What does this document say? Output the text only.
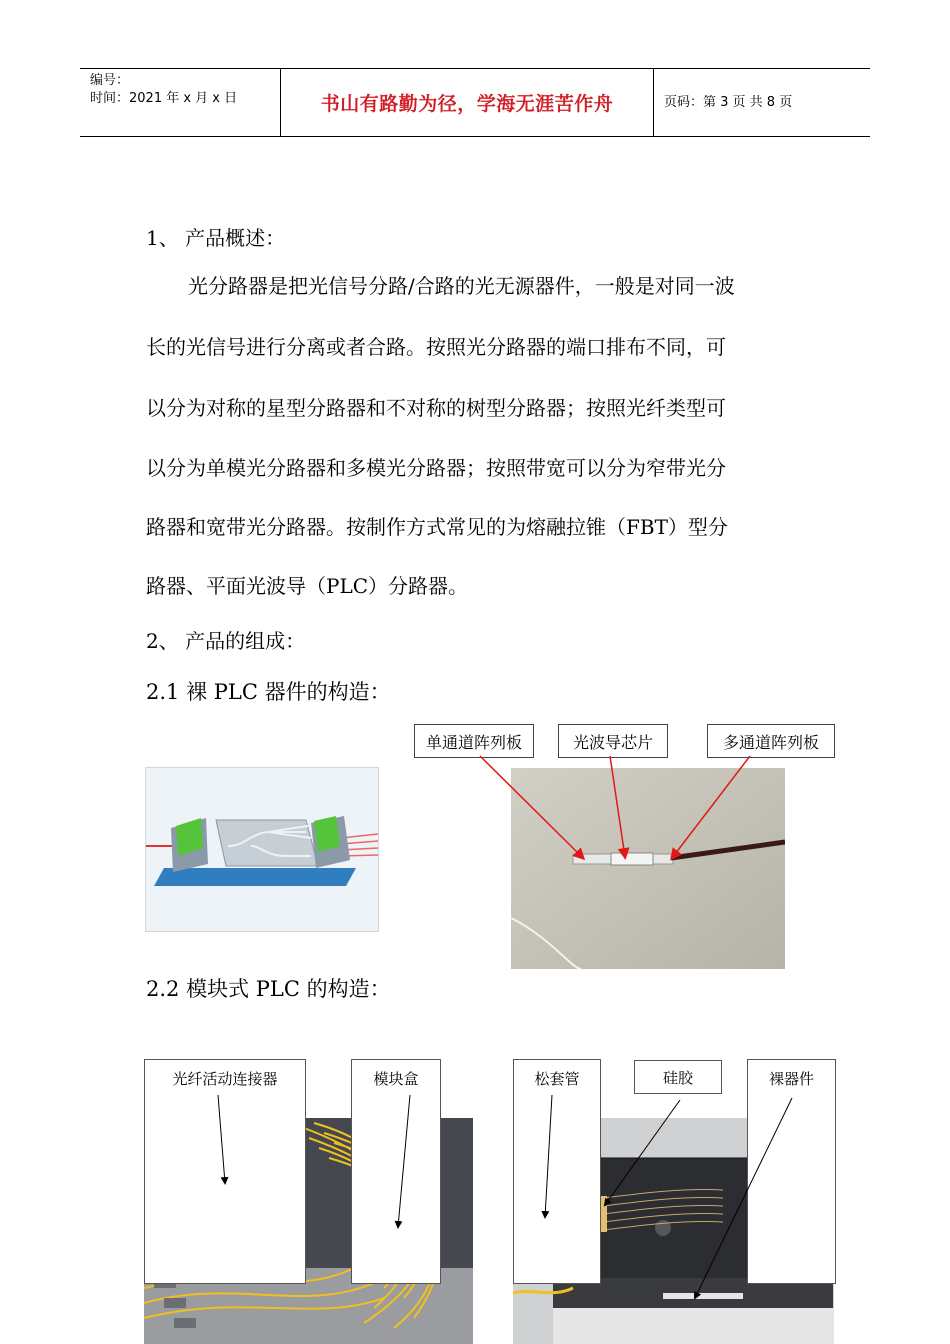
编号：
时间：2021 年 x 月 x 日	书山有路勤为径，学海无涯苦作舟	页码：第 3 页 共 8 页
1、 产品概述：
光分路器是把光信号分路/合路的光无源器件，一般是对同一波
长的光信号进行分离或者合路。按照光分路器的端口排布不同，可
以分为对称的星型分路器和不对称的树型分路器；按照光纤类型可
以分为单模光分路器和多模光分路器；按照带宽可以分为窄带光分
路器和宽带光分路器。按制作方式常见的为熔融拉锥（FBT）型分
路器、平面光波导（PLC）分路器。
2、 产品的组成：
2.1 裸 PLC 器件的构造：
单通道阵列板	光波导芯片	多通道阵列板
2.2 模块式 PLC 的构造：
光纤活动连接器	模块盒	松套管	硅胶	裸器件
